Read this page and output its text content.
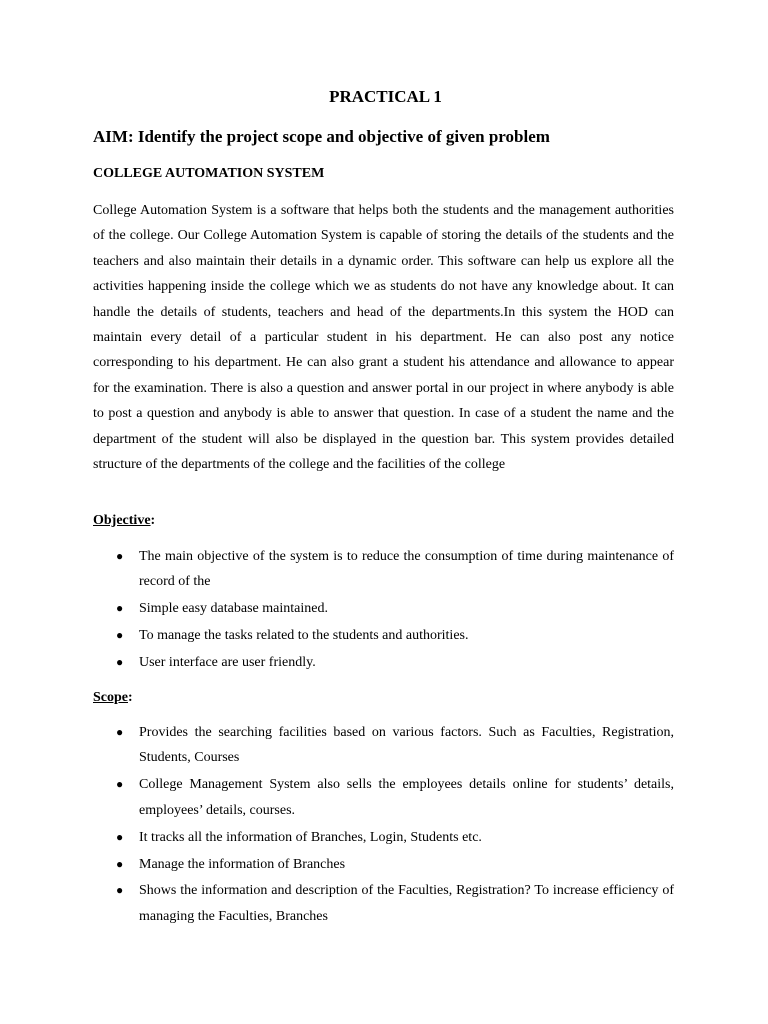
PRACTICAL 1
AIM: Identify the project scope and objective of given problem
COLLEGE AUTOMATION SYSTEM

College Automation System is a software that helps both the students and the management authorities of the college. Our College Automation System is capable of storing the details of the students and the teachers and also maintain their details in a dynamic order. This software can help us explore all the activities happening inside the college which we as students do not have any knowledge about. It can handle the details of students, teachers and head of the departments.In this system the HOD can maintain every detail of a particular student in his department. He can also post any notice corresponding to his department. He can also grant a student his attendance and allowance to appear for the examination. There is also a question and answer portal in our project in where anybody is able to post a question and anybody is able to answer that question. In case of a student the name and the department of the student will also be displayed in the question bar. This system provides detailed structure of the departments of the college and the facilities of the college

Objective:
● The main objective of the system is to reduce the consumption of time during maintenance of record of the
● Simple easy database maintained.
● To manage the tasks related to the students and authorities.
● User interface are user friendly.
Scope:
● Provides the searching facilities based on various factors. Such as Faculties, Registration, Students, Courses
● College Management System also sells the employees details online for students’ details, employees’ details, courses.
● It tracks all the information of Branches, Login, Students etc.
● Manage the information of Branches
● Shows the information and description of the Faculties, Registration? To increase efficiency of managing the Faculties, Branches
